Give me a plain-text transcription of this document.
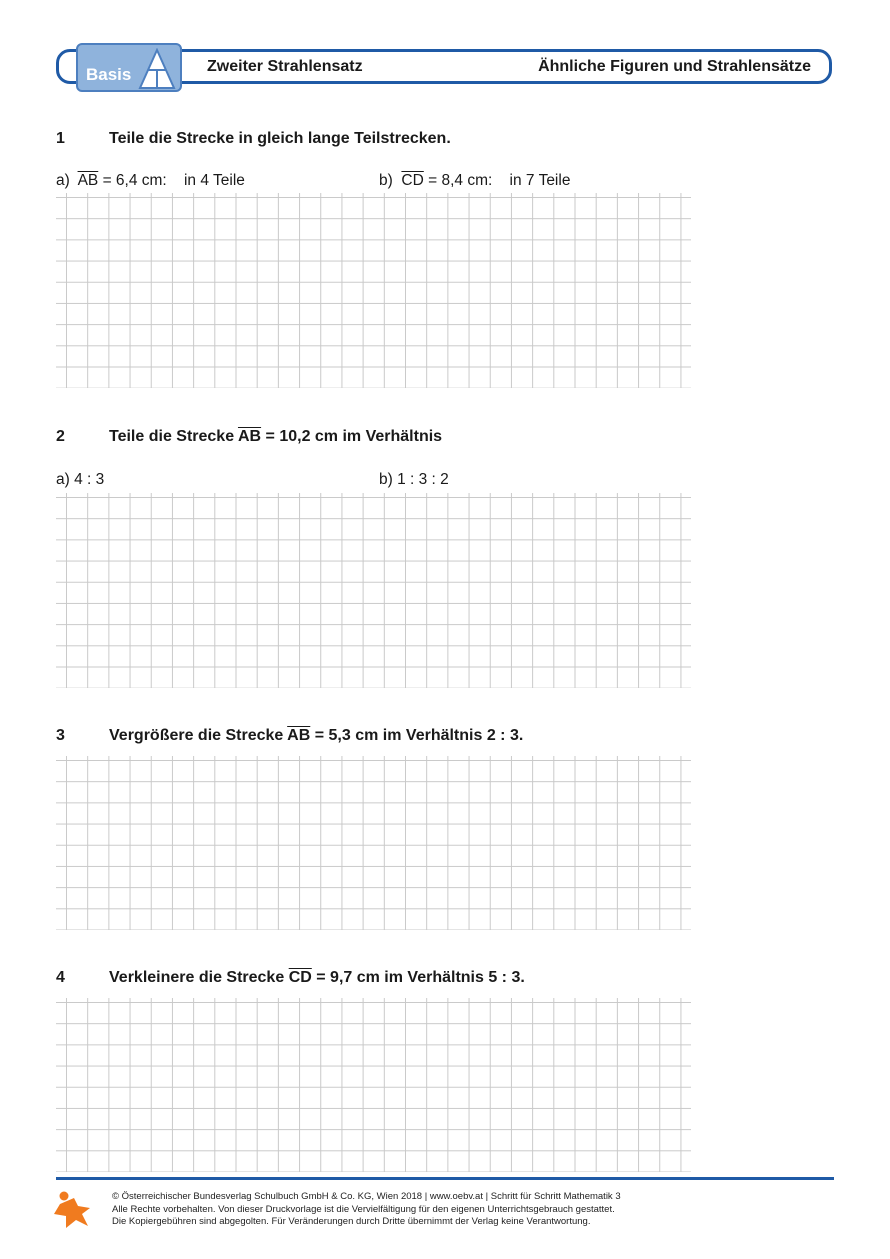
Zweiter Strahlensatz	Ähnliche Figuren und Strahlensätze
Basis
1	Teile die Strecke in gleich lange Teilstrecken.
a) $\overline{AB} = 6,4$ cm: in 4 Teile	b) $\overline{CD} = 8,4$ cm: in 7 Teile
2	Teile die Strecke $\overline{AB} = 10,2$ cm im Verhältnis
a) 4 : 3	b) 1 : 3 : 2
3	Vergrößere die Strecke $\overline{AB} = 5,3$ cm im Verhältnis 2 : 3.
4	Verkleinere die Strecke $\overline{CD} = 9,7$ cm im Verhältnis 5 : 3.
© Österreichischer Bundesverlag Schulbuch GmbH & Co. KG, Wien 2018 | www.oebv.at | Schritt für Schritt Mathematik 3
Alle Rechte vorbehalten. Von dieser Druckvorlage ist die Vervielfältigung für den eigenen Unterrichtsgebrauch gestattet.
Die Kopiergebühren sind abgegolten. Für Veränderungen durch Dritte übernimmt der Verlag keine Verantwortung.
